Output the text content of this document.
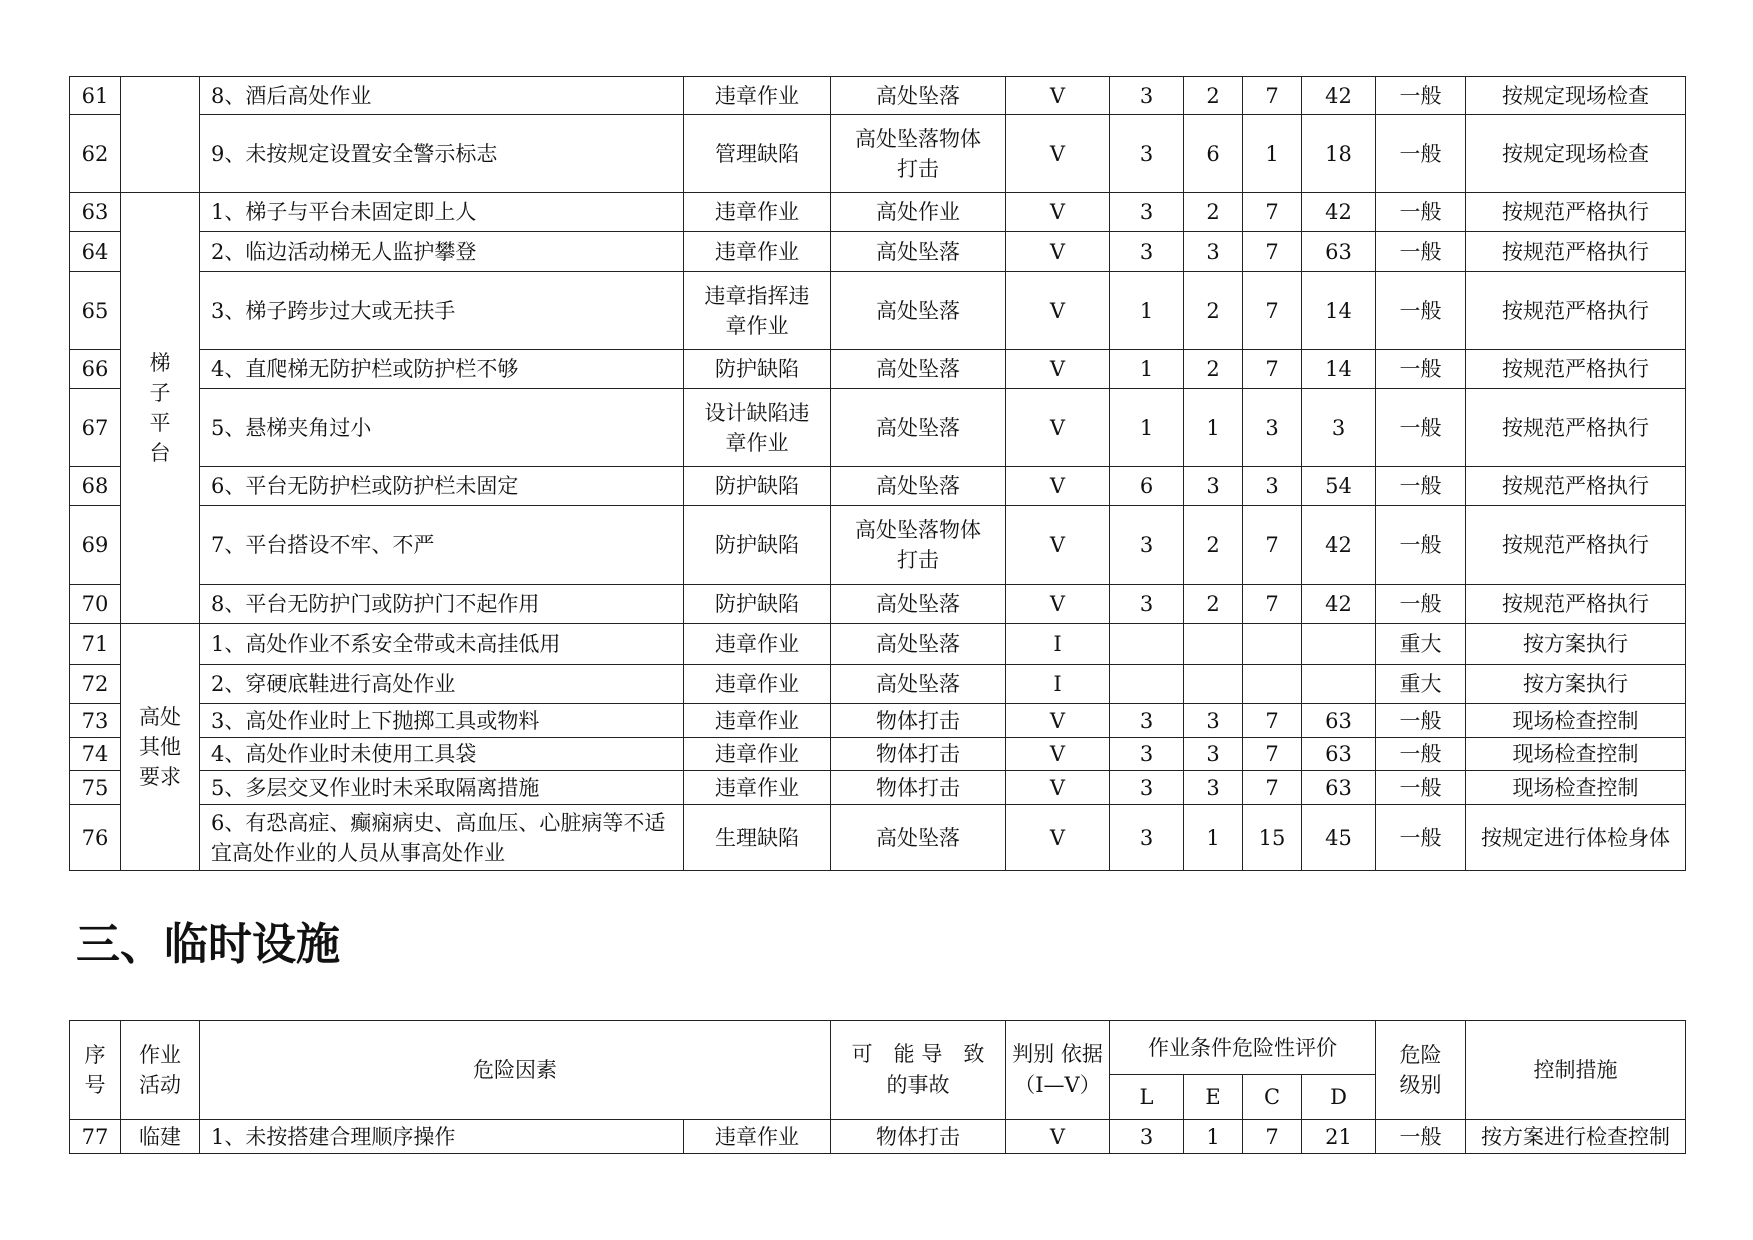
61		8、酒后高处作业	违章作业	高处坠落	V	3	2	7	42	一般	按规定现场检查
62		9、未按规定设置安全警示标志	管理缺陷	高处坠落物体打击	V	3	6	1	18	一般	按规定现场检查
63	梯子平台	1、梯子与平台未固定即上人	违章作业	高处作业	V	3	2	7	42	一般	按规范严格执行
64		2、临边活动梯无人监护攀登	违章作业	高处坠落	V	3	3	7	63	一般	按规范严格执行
65		3、梯子跨步过大或无扶手	违章指挥违章作业	高处坠落	V	1	2	7	14	一般	按规范严格执行
66		4、直爬梯无防护栏或防护栏不够	防护缺陷	高处坠落	V	1	2	7	14	一般	按规范严格执行
67		5、悬梯夹角过小	设计缺陷违章作业	高处坠落	V	1	1	3	3	一般	按规范严格执行
68		6、平台无防护栏或防护栏未固定	防护缺陷	高处坠落	V	6	3	3	54	一般	按规范严格执行
69		7、平台搭设不牢、不严	防护缺陷	高处坠落物体打击	V	3	2	7	42	一般	按规范严格执行
70		8、平台无防护门或防护门不起作用	防护缺陷	高处坠落	V	3	2	7	42	一般	按规范严格执行
71	高处其他要求	1、高处作业不系安全带或未高挂低用	违章作业	高处坠落	I					重大	按方案执行
72		2、穿硬底鞋进行高处作业	违章作业	高处坠落	I					重大	按方案执行
73		3、高处作业时上下抛掷工具或物料	违章作业	物体打击	V	3	3	7	63	一般	现场检查控制
74		4、高处作业时未使用工具袋	违章作业	物体打击	V	3	3	7	63	一般	现场检查控制
75		5、多层交叉作业时未采取隔离措施	违章作业	物体打击	V	3	3	7	63	一般	现场检查控制
76		6、有恐高症、癫痫病史、高血压、心脏病等不适宜高处作业的人员从事高处作业	生理缺陷	高处坠落	V	3	1	15	45	一般	按规定进行体检身体
三、临时设施
序号	作业活动	危险因素		可　能 导　致 的事故	判别 依据 （I—V）	作业条件危险性评价				危险级别	控制措施
						L	E	C	D		
77	临建	1、未按搭建合理顺序操作	违章作业	物体打击	V	3	1	7	21	一般	按方案进行检查控制
